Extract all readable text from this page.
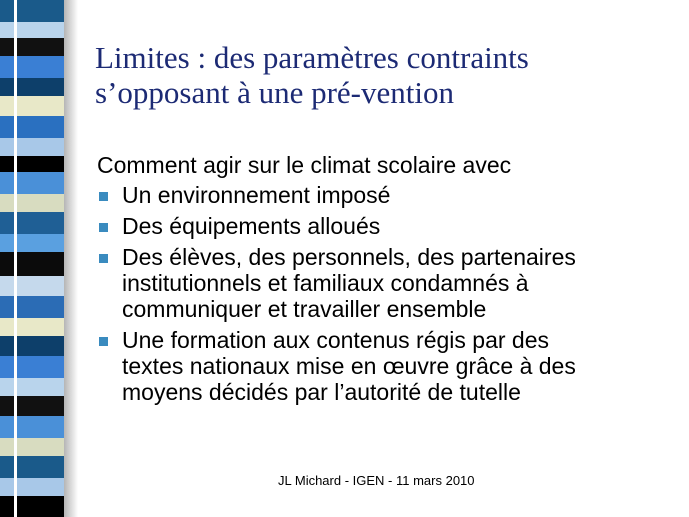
Limites : des paramètres contraints
s’opposant à une pré-vention

Comment agir sur le climat scolaire avec

Un environnement imposé
Des équipements alloués
Des élèves, des personnels, des partenaires
institutionnels et familiaux condamnés à
communiquer et travailler ensemble
Une formation aux contenus régis par des
textes nationaux mise en œuvre grâce à des
moyens décidés par l’autorité de tutelle
JL Michard - IGEN - 11 mars 2010
